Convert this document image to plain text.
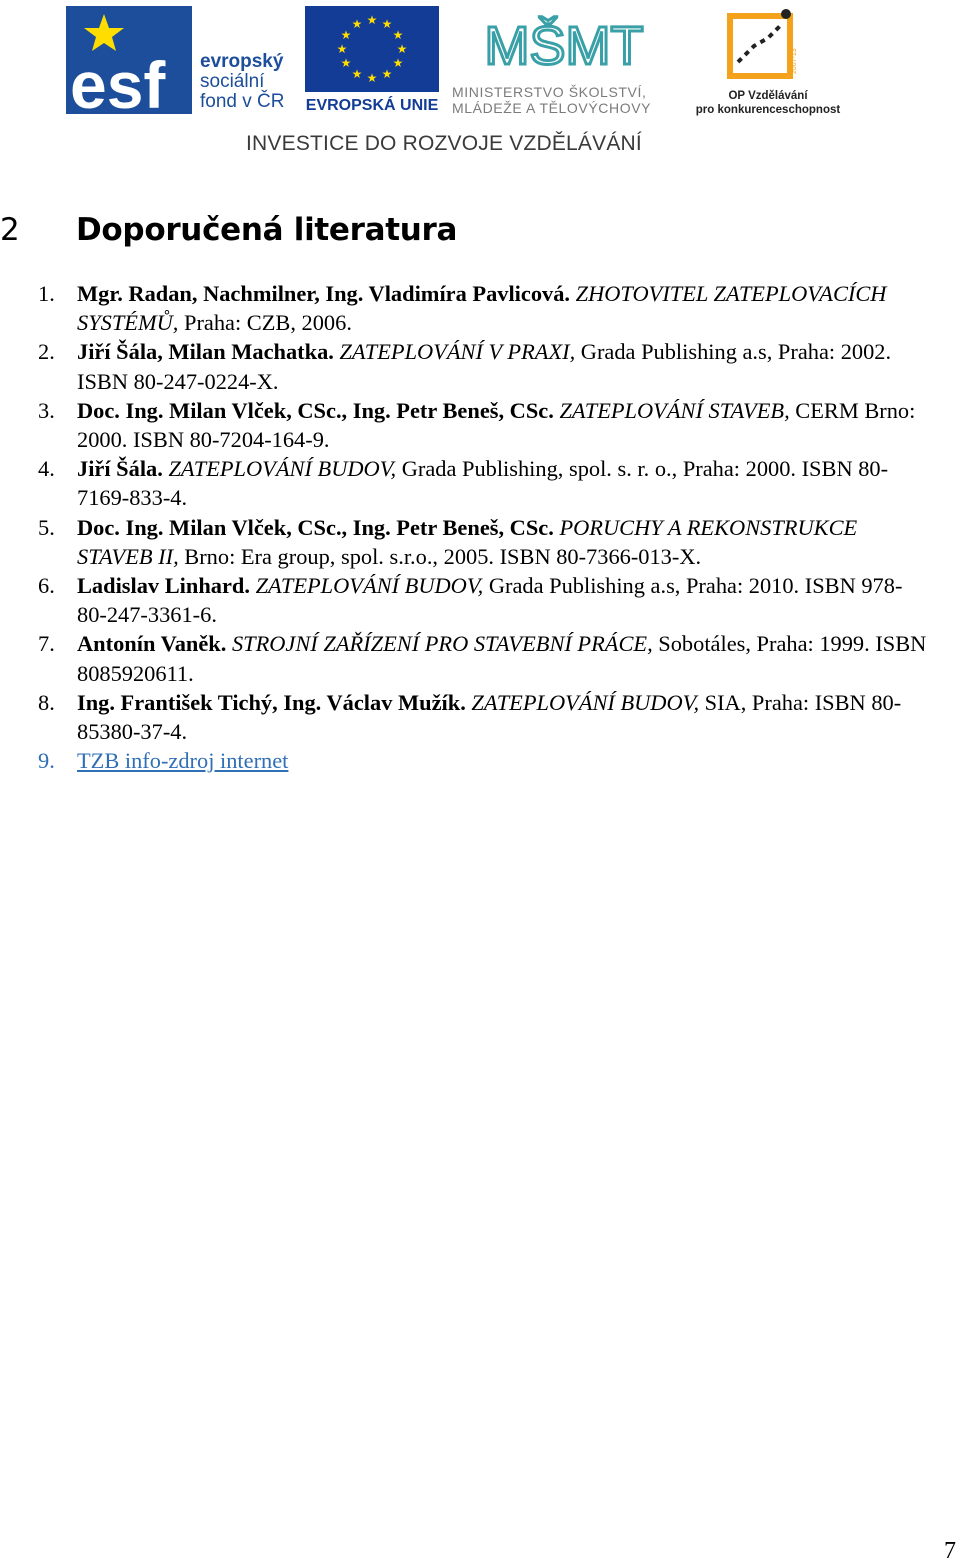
esf evropský
sociální
fond v ČR
★ ★
★
★
★
★
★
★
★
★
★
★
EVROPSKÁ UNIE
MŠMT
MINISTERSTVO ŠKOLSTVÍ,
MLÁDEŽE A TĚLOVÝCHOVY
2007-13
OP Vzdělávání
pro konkurenceschopnost
INVESTICE DO ROZVOJE VZDĚLÁVÁNÍ
2 Doporučená literatura
1. Mgr. Radan, Nachmilner, Ing. Vladimíra Pavlicová. ZHOTOVITEL ZATEPLOVACÍCH SYSTÉMŮ, Praha: CZB, 2006.
2. Jiří Šála, Milan Machatka. ZATEPLOVÁNÍ V PRAXI, Grada Publishing a.s, Praha: 2002. ISBN 80-247-0224-X.
3. Doc. Ing. Milan Vlček, CSc., Ing. Petr Beneš, CSc. ZATEPLOVÁNÍ STAVEB, CERM Brno: 2000. ISBN 80-7204-164-9.
4. Jiří Šála. ZATEPLOVÁNÍ BUDOV, Grada Publishing, spol. s. r. o., Praha: 2000. ISBN 80-7169-833-4.
5. Doc. Ing. Milan Vlček, CSc., Ing. Petr Beneš, CSc. PORUCHY A REKONSTRUKCE STAVEB II, Brno: Era group, spol. s.r.o., 2005. ISBN 80-7366-013-X.
6. Ladislav Linhard. ZATEPLOVÁNÍ BUDOV, Grada Publishing a.s, Praha: 2010. ISBN 978-80-247-3361-6.
7. Antonín Vaněk. STROJNÍ ZAŘÍZENÍ PRO STAVEBNÍ PRÁCE, Sobotáles, Praha: 1999. ISBN 8085920611.
8. Ing. František Tichý, Ing. Václav Mužík. ZATEPLOVÁNÍ BUDOV, SIA, Praha: ISBN 80-85380-37-4.
9. TZB info-zdroj internet
7
